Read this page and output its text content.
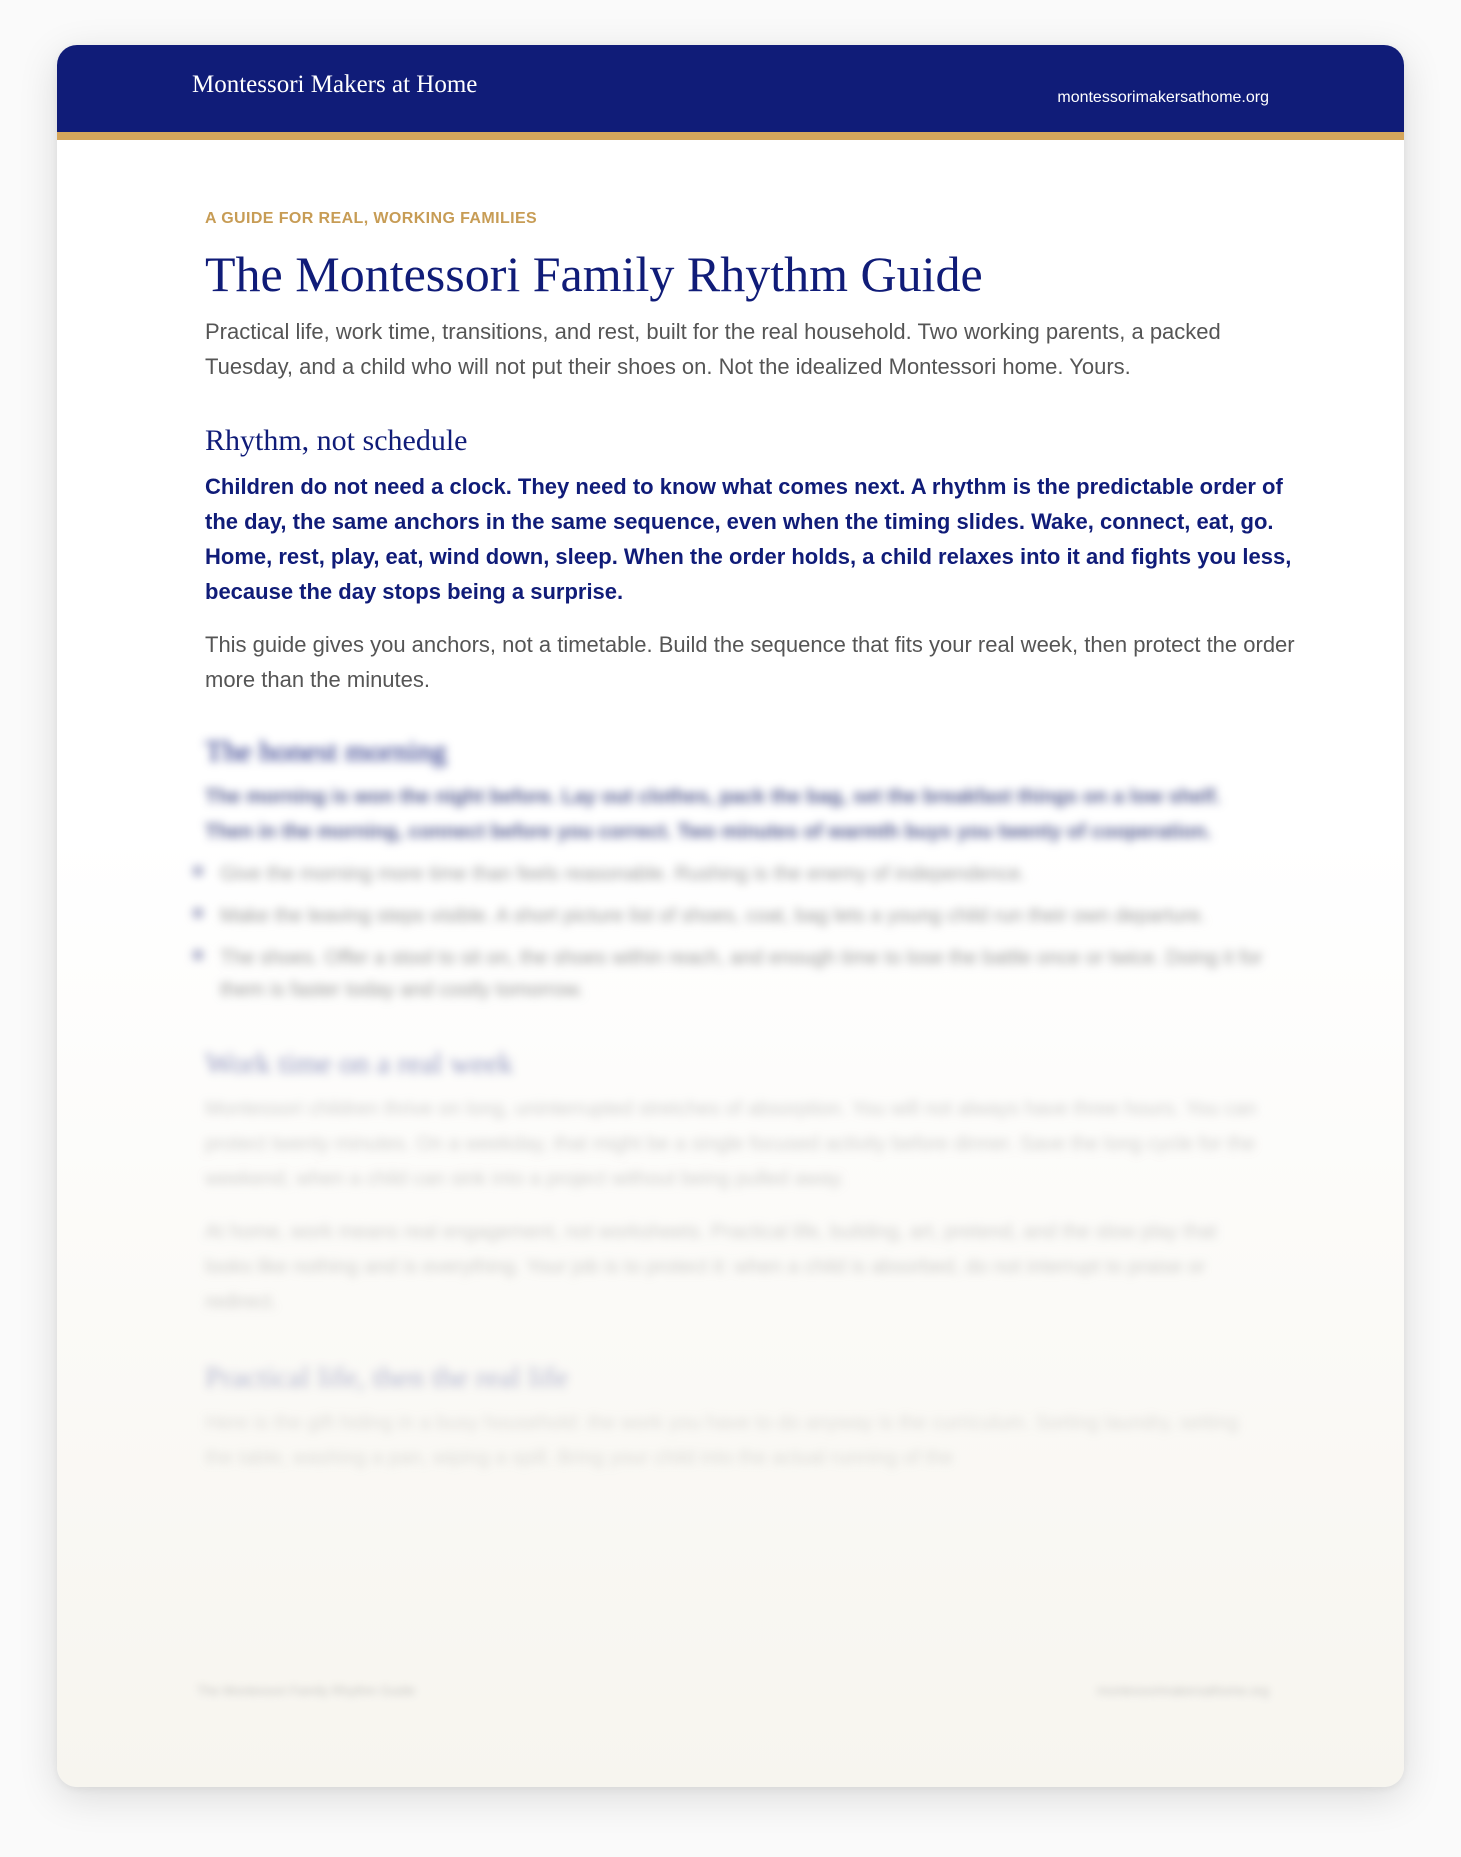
Montessori Makers at Home	montessorimakersathome.org
A GUIDE FOR REAL, WORKING FAMILIES
The Montessori Family Rhythm Guide

Practical life, work time, transitions, and rest, built for the real household. Two working parents, a packed Tuesday, and a child who will not put their shoes on. Not the idealized Montessori home. Yours.

Rhythm, not schedule

Children do not need a clock. They need to know what comes next. A rhythm is the predictable order of the day, the same anchors in the same sequence, even when the timing slides. Wake, connect, eat, go. Home, rest, play, eat, wind down, sleep. When the order holds, a child relaxes into it and fights you less, because the day stops being a surprise.

This guide gives you anchors, not a timetable. Build the sequence that fits your real week, then protect the order more than the minutes.

The honest morning

The morning is won the night before. Lay out clothes, pack the bag, set the breakfast things on a low shelf. Then in the morning, connect before you correct. Two minutes of warmth buys you twenty of cooperation.

Give the morning more time than feels reasonable. Rushing is the enemy of independence.
Make the leaving steps visible. A short picture list of shoes, coat, bag lets a young child run their own departure.
The shoes. Offer a stool to sit on, the shoes within reach, and enough time to lose the battle once or twice. Doing it for them is faster today and costly tomorrow.
Work time on a real week

Montessori children thrive on long, uninterrupted stretches of absorption. You will not always have three hours. You can protect twenty minutes. On a weekday, that might be a single focused activity before dinner. Save the long cycle for the weekend, when a child can sink into a project without being pulled away.

At home, work means real engagement, not worksheets. Practical life, building, art, pretend, and the slow play that looks like nothing and is everything. Your job is to protect it: when a child is absorbed, do not interrupt to praise or redirect.

Practical life, then the real life

Here is the gift hiding in a busy household: the work you have to do anyway is the curriculum. Sorting laundry, setting the table, washing a pan, wiping a spill. Bring your child into the actual running of the

The Montessori Family Rhythm Guide	montessorimakersathome.org
